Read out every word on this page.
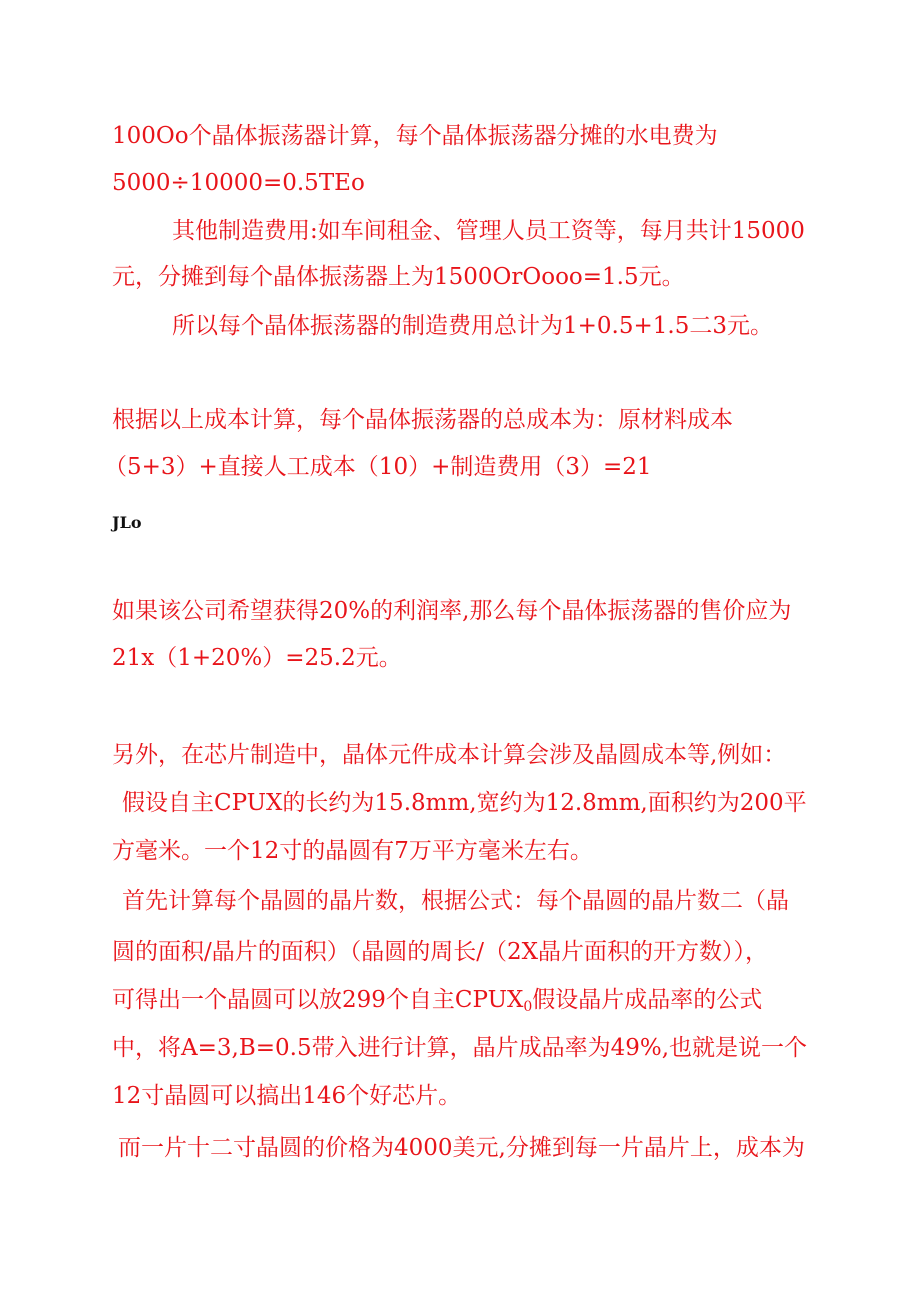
100Oo个晶体振荡器计算，每个晶体振荡器分摊的水电费为
5000÷10000=0.5TEo
其他制造费用:如车间租金、管理人员工资等，每月共计15000
元，分摊到每个晶体振荡器上为1500OrOooo=1.5元。
所以每个晶体振荡器的制造费用总计为1+0.5+1.5二3元。
根据以上成本计算，每个晶体振荡器的总成本为：原材料成本
（5+3）+直接人工成本（10）+制造费用（3）=21
JLo
如果该公司希望获得20%的利润率,那么每个晶体振荡器的售价应为
21x（1+20%）=25.2元。
另外，在芯片制造中，晶体元件成本计算会涉及晶圆成本等,例如：
假设自主CPUX的长约为15.8mm,宽约为12.8mm,面积约为200平
方毫米。一个12寸的晶圆有7万平方毫米左右。
首先计算每个晶圆的晶片数，根据公式：每个晶圆的晶片数二（晶
圆的面积/晶片的面积）（晶圆的周长/（2X晶片面积的开方数）），
可得出一个晶圆可以放299个自主$CPUX_0$假设晶片成品率的公式
中，将A=3,B=0.5带入进行计算，晶片成品率为49%,也就是说一个
12寸晶圆可以搞出146个好芯片。
而一片十二寸晶圆的价格为4000美元,分摊到每一片晶片上，成本为
